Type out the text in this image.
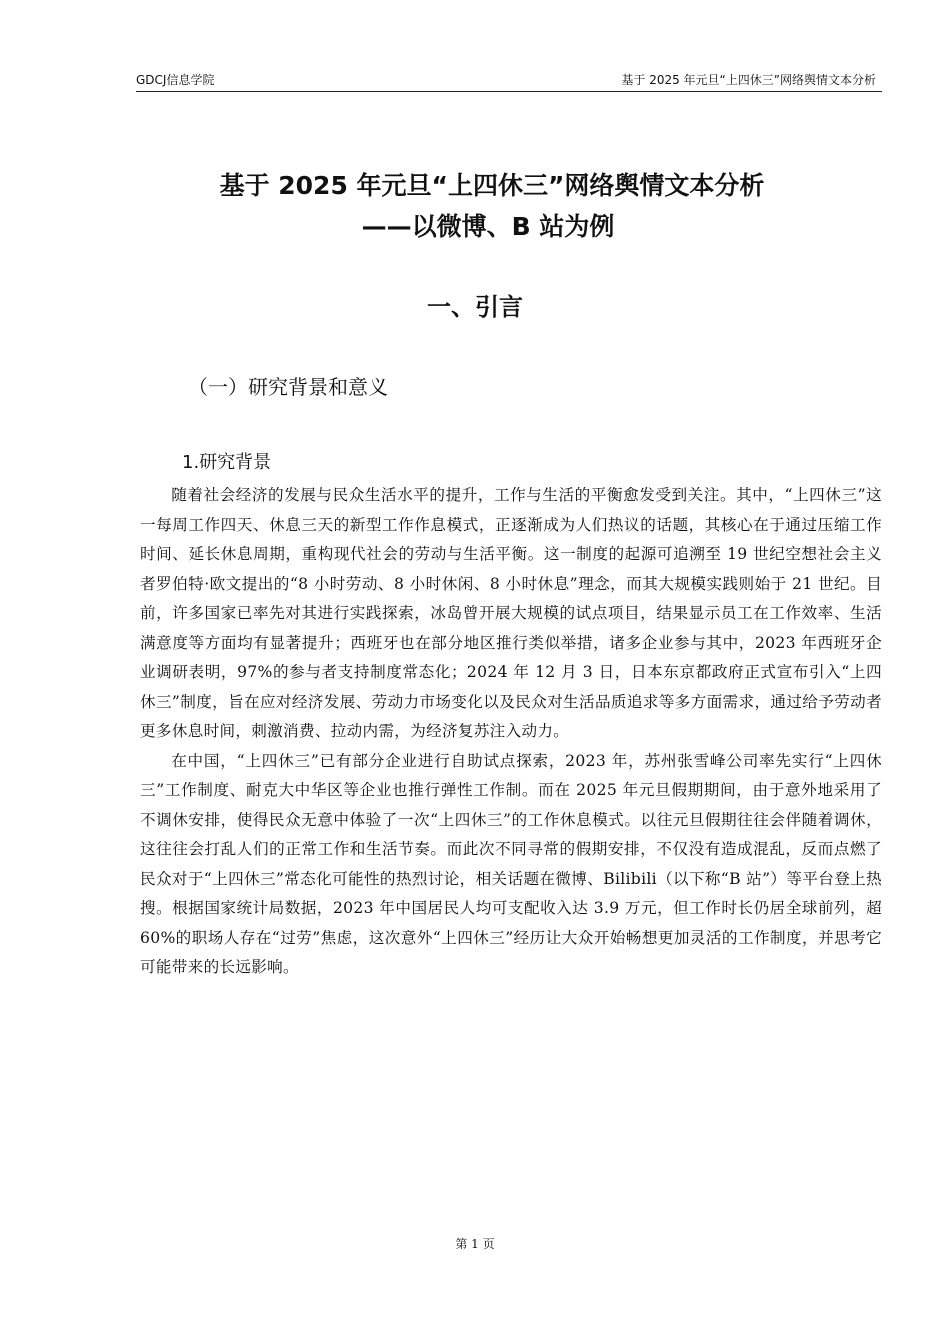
GDCJ信息学院	基于 2025 年元旦“上四休三”网络舆情文本分析
基于 2025 年元旦“上四休三”网络舆情文本分析
——以微博、B 站为例
一、引言
（一）研究背景和意义
1.研究背景

随着社会经济的发展与民众生活水平的提升，工作与生活的平衡愈发受到关注。其中，“上四休三”这一每周工作四天、休息三天的新型工作作息模式，正逐渐成为人们热议的话题，其核心在于通过压缩工作时间、延长休息周期，重构现代社会的劳动与生活平衡。这一制度的起源可追溯至 19 世纪空想社会主义者罗伯特·欧文提出的“8 小时劳动、8 小时休闲、8 小时休息”理念，而其大规模实践则始于 21 世纪。目前，许多国家已率先对其进行实践探索，冰岛曾开展大规模的试点项目，结果显示员工在工作效率、生活满意度等方面均有显著提升；西班牙也在部分地区推行类似举措，诸多企业参与其中，2023 年西班牙企业调研表明，97%的参与者支持制度常态化；2024 年 12 月 3 日，日本东京都政府正式宣布引入“上四休三”制度，旨在应对经济发展、劳动力市场变化以及民众对生活品质追求等多方面需求，通过给予劳动者更多休息时间，刺激消费、拉动内需，为经济复苏注入动力。

在中国，“上四休三”已有部分企业进行自助试点探索，2023 年，苏州张雪峰公司率先实行“上四休三”工作制度、耐克大中华区等企业也推行弹性工作制。而在 2025 年元旦假期期间，由于意外地采用了不调休安排，使得民众无意中体验了一次“上四休三”的工作休息模式。以往元旦假期往往会伴随着调休，这往往会打乱人们的正常工作和生活节奏。而此次不同寻常的假期安排，不仅没有造成混乱，反而点燃了民众对于“上四休三”常态化可能性的热烈讨论，相关话题在微博、Bilibili（以下称“B 站”）等平台登上热搜。根据国家统计局数据，2023 年中国居民人均可支配收入达 3.9 万元，但工作时长仍居全球前列，超 60%的职场人存在“过劳”焦虑，这次意外“上四休三”经历让大众开始畅想更加灵活的工作制度，并思考它可能带来的长远影响。

第 1 页
